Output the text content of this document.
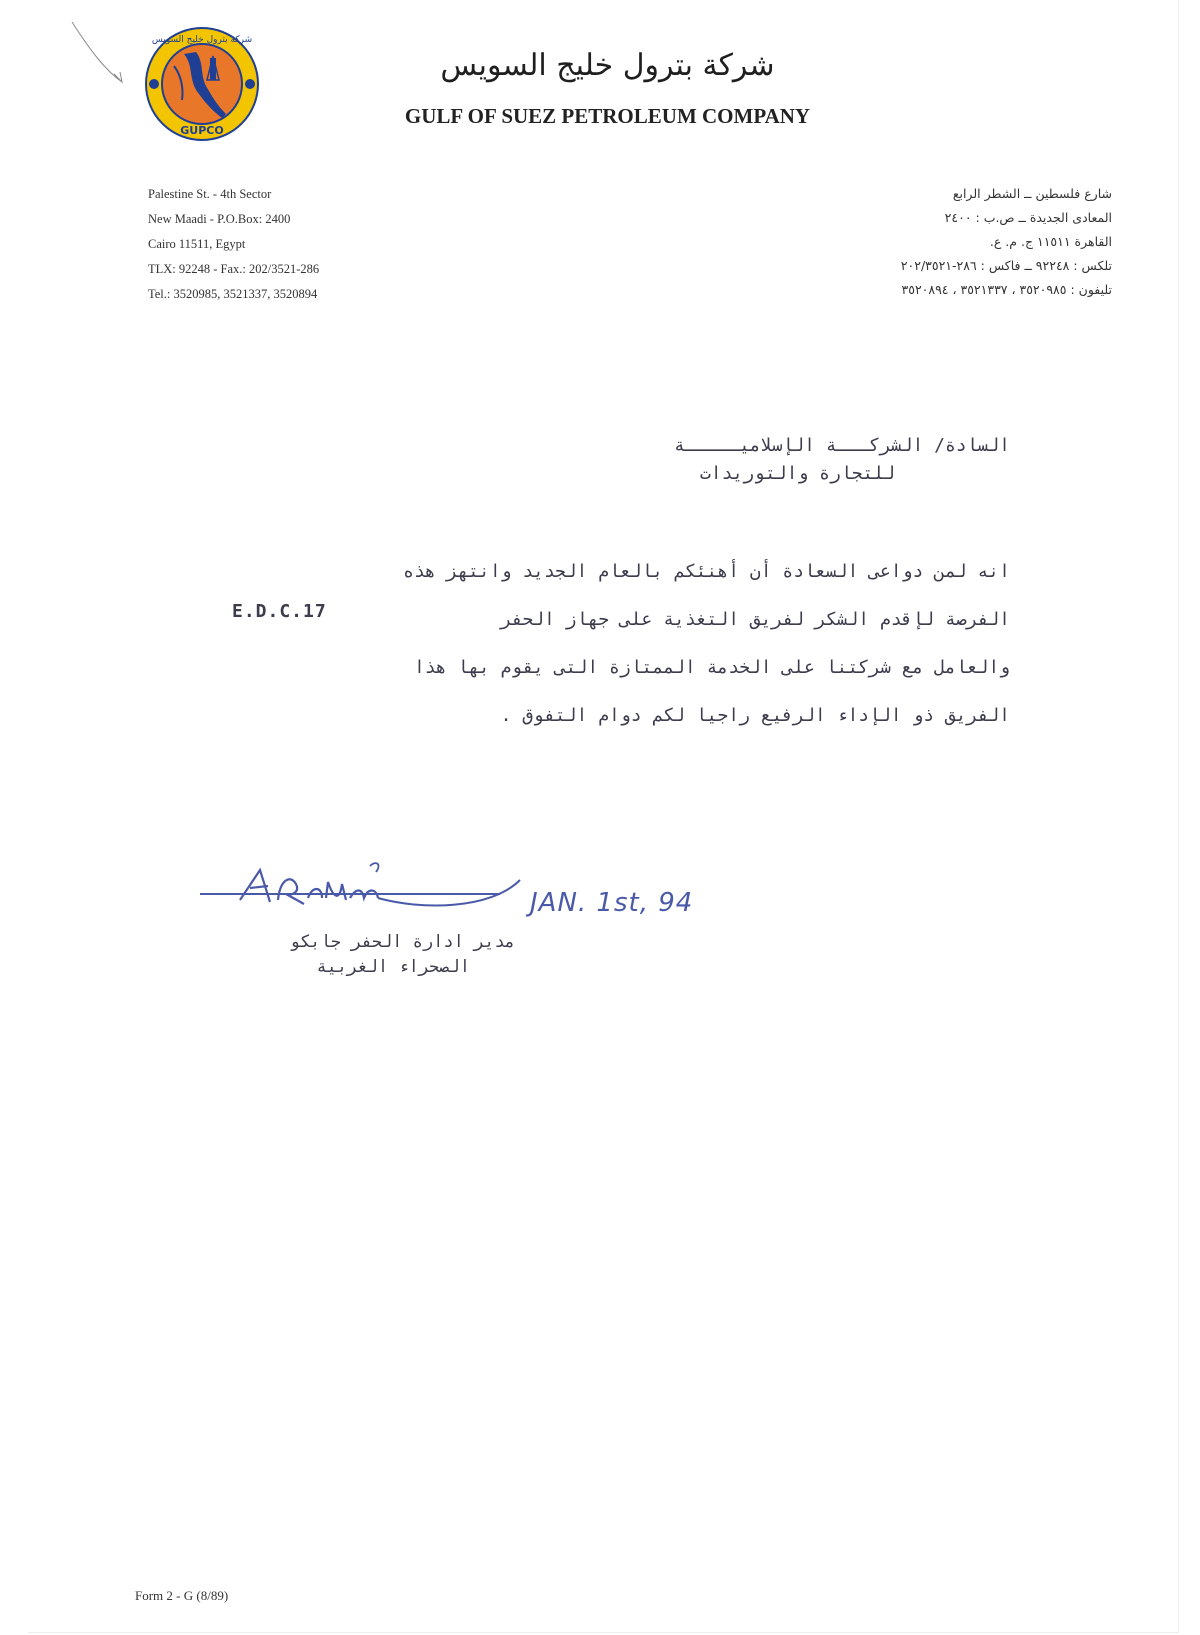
GUPCO
شركة بترول خليج السويس
شركة بترول خليج السويس
GULF OF SUEZ PETROLEUM COMPANY
Palestine St. - 4th Sector
New Maadi - P.O.Box: 2400
Cairo 11511, Egypt
TLX: 92248 - Fax.: 202/3521-286
Tel.: 3520985, 3521337, 3520894
شارع فلسطين ــ الشطر الرابع
المعادى الجديدة ــ ص.ب : ٢٤٠٠
القاهرة ١١٥١١ ج. م. ع.
تلكس : ٩٢٢٤٨ ــ فاكس : ٢٨٦-٢٠٢/٣٥٢١
تليفون : ٣٥٢٠٩٨٥ ، ٣٥٢١٣٣٧ ، ٣٥٢٠٨٩٤
السادة/ الشركـــة الإسلاميـــــة
للتجارة والتوريدات
انه لمن دواعى السعادة أن أهنئكم بالعام الجديد وانتهز هذه
الفرصة لإقدم الشكر لفريق التغذية على جهاز الحفر
والعامل مع شركتنا على الخدمة الممتازة التى يقوم بها هذا
الفريق ذو الإداء الرفيع راجيا لكم دوام التفوق .
E.D.C.17
JAN. 1st, 94
مدير ادارة الحفر جابكو
الصحراء الغربية
Form 2 - G (8/89)
